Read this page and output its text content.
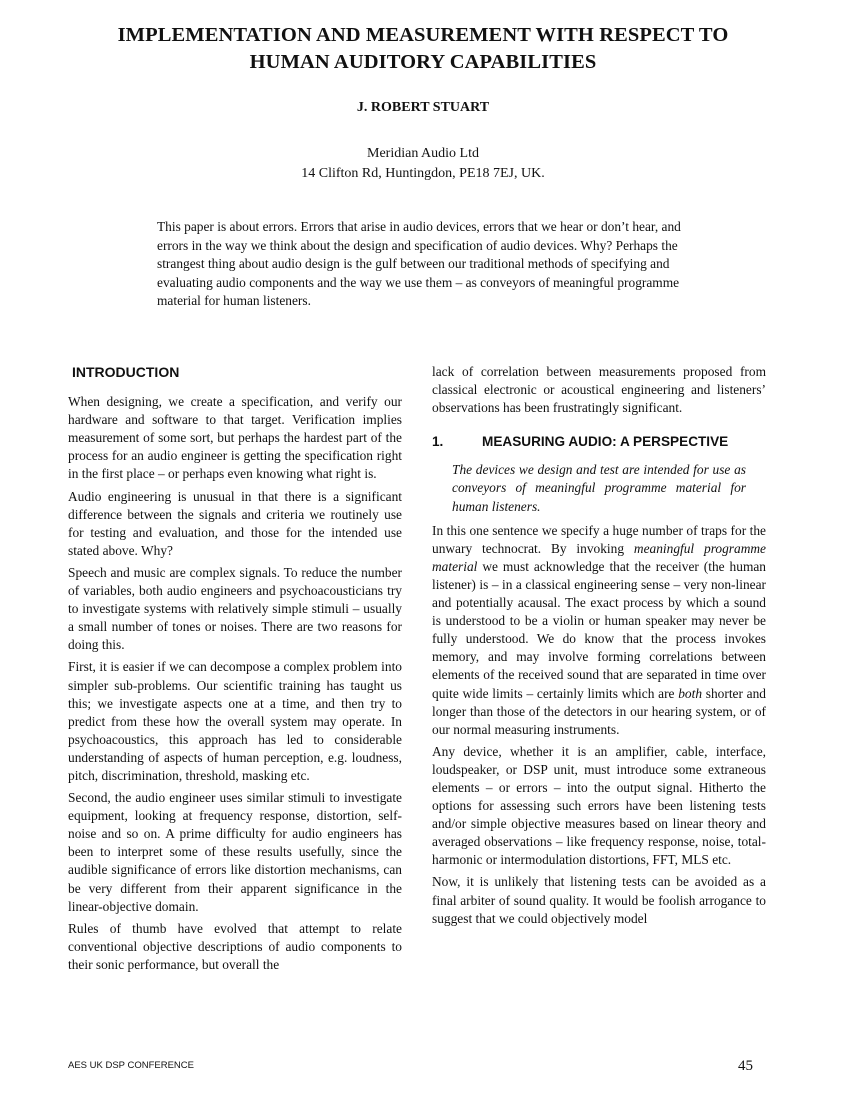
IMPLEMENTATION AND MEASUREMENT WITH RESPECT TO
HUMAN AUDITORY CAPABILITIES
J. ROBERT STUART
Meridian Audio Ltd
14 Clifton Rd, Huntingdon, PE18 7EJ, UK.
This paper is about errors. Errors that arise in audio devices, errors that we hear or don’t hear, and errors in the way we think about the design and specification of audio devices. Why? Perhaps the strangest thing about audio design is the gulf between our traditional methods of specifying and evaluating audio components and the way we use them – as conveyors of meaningful programme material for human listeners.
INTRODUCTION

When designing, we create a specification, and verify our hardware and software to that target. Verification implies measurement of some sort, but perhaps the hardest part of the process for an audio engineer is getting the specification right in the first place – or perhaps even knowing what right is.

Audio engineering is unusual in that there is a significant difference between the signals and criteria we routinely use for testing and evaluation, and those for the intended use stated above. Why?

Speech and music are complex signals. To reduce the number of variables, both audio engineers and psychoacousticians try to investigate systems with relatively simple stimuli – usually a small number of tones or noises. There are two reasons for doing this.

First, it is easier if we can decompose a complex problem into simpler sub-problems. Our scientific training has taught us this; we investigate aspects one at a time, and then try to predict from these how the overall system may operate. In psychoacoustics, this approach has led to considerable understanding of aspects of human perception, e.g. loudness, pitch, discrimination, threshold, masking etc.

Second, the audio engineer uses similar stimuli to investigate equipment, looking at frequency response, distortion, self-noise and so on. A prime difficulty for audio engineers has been to interpret some of these results usefully, since the audible significance of errors like distortion mechanisms, can be very different from their apparent significance in the linear-objective domain.

Rules of thumb have evolved that attempt to relate conventional objective descriptions of audio components to their sonic performance, but overall the

lack of correlation between measurements proposed from classical electronic or acoustical engineering and listeners’ observations has been frustratingly significant.

1.	MEASURING AUDIO: A PERSPECTIVE

The devices we design and test are intended for use as conveyors of meaningful programme material for human listeners.

In this one sentence we specify a huge number of traps for the unwary technocrat. By invoking meaningful programme material we must acknowledge that the receiver (the human listener) is – in a classical engineering sense – very non-linear and potentially acausal. The exact process by which a sound is understood to be a violin or human speaker may never be fully understood. We do know that the process invokes memory, and may involve forming correlations between elements of the received sound that are separated in time over quite wide limits – certainly limits which are both shorter and longer than those of the detectors in our hearing system, or of our normal measuring instruments.

Any device, whether it is an amplifier, cable, interface, loudspeaker, or DSP unit, must introduce some extraneous elements – or errors – into the output signal. Hitherto the options for assessing such errors have been listening tests and/or simple objective measures based on linear theory and averaged observations – like frequency response, noise, total-harmonic or intermodulation distortions, FFT, MLS etc.

Now, it is unlikely that listening tests can be avoided as a final arbiter of sound quality. It would be foolish arrogance to suggest that we could objectively model

AES UK DSP CONFERENCE	45
